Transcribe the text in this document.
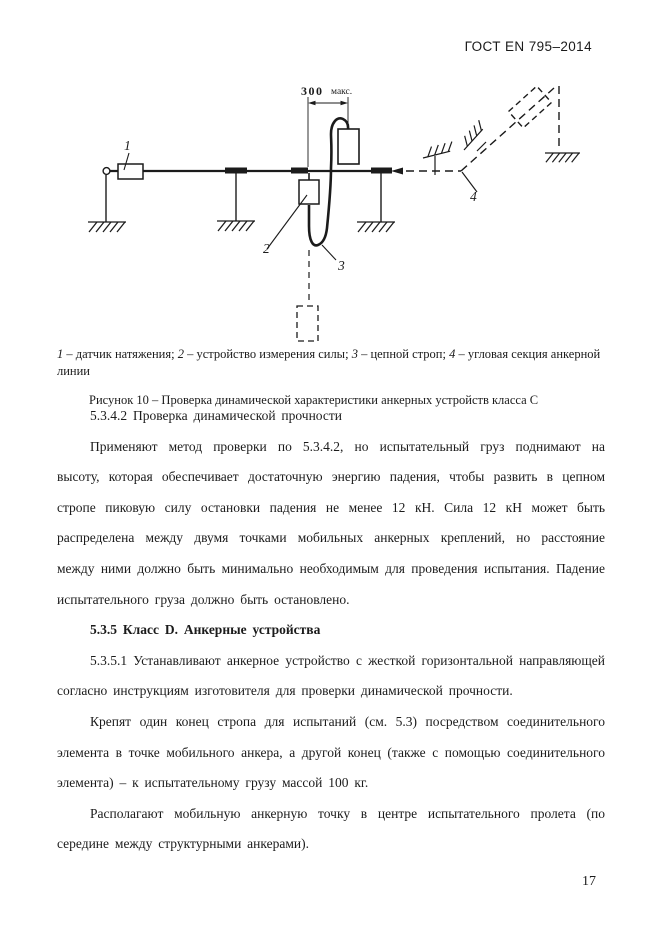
ГОСТ EN 795–2014
300 макс.
1
2
3
4
1 – датчик натяжения; 2 – устройство измерения силы; 3 – цепной строп; 4 – угловая секция анкерной линии
Рисунок 10 – Проверка динамической характеристики анкерных устройств класса С

5.3.4.2 Проверка динамической прочности

Применяют метод проверки по 5.3.4.2, но испытательный груз поднимают на высоту, которая обеспечивает достаточную энергию падения, чтобы развить в цепном стропе пиковую силу остановки падения не менее 12 кН. Сила 12 кН может быть распределена между двумя точками мобильных анкерных креплений, но расстояние между ними должно быть минимально необходимым для проведения испытания. Падение испытательного груза должно быть остановлено.

5.3.5 Класс D. Анкерные устройства

5.3.5.1 Устанавливают анкерное устройство с жесткой горизонтальной направляющей согласно инструкциям изготовителя для проверки динамической прочности.

Крепят один конец стропа для испытаний (см. 5.3) посредством соединительного элемента в точке мобильного анкера, а другой конец (также с помощью соединительного элемента) – к испытательному грузу массой 100 кг.

Располагают мобильную анкерную точку в центре испытательного пролета (по середине между структурными анкерами).

17
